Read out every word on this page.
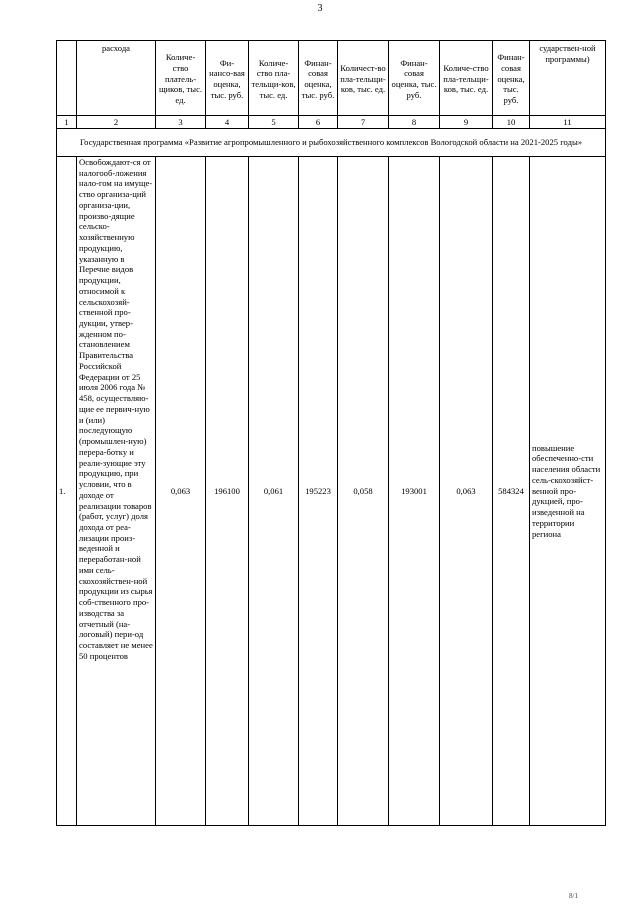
3
	расхода	Количе-ство платель-щиков, тыс. ед.	Фи-нансо-вая оценка, тыс. руб.	Количе-ство пла-тельщи-ков, тыс. ед.	Финан-совая оценка, тыс. руб.	Количест-во пла-тельщи-ков, тыс. ед.	Финан-совая оценка, тыс. руб.	Количе-ство пла-тельщи-ков, тыс. ед.	Финан-совая оценка, тыс. руб.	сударствен-ной программы)
1	2	3	4	5	6	7	8	9	10	11
Государственная программа «Развитие агропромышленного и рыбохозяйственного комплексов Вологодской области на 2021-2025 годы»										
1.	Освобождают-ся от налогооб-ложения нало-гом на имуще-ство организа-ций организа-ции, произво-дящие сельско-хозяйственную продукцию, указанную в Перечне видов продукции, относимой к сельскохозяй-ственной про-дукции, утвер-жденном по-становлением Правительства Российской Федерации от 25 июля 2006 года № 458, осуществляю-щие ее первич-ную и (или) последующую (промышлен-ную) перера-ботку и реали-зующие эту продукцию, при условии, что в доходе от реализации товаров (работ, услуг) доля дохода от реа-лизации произ-веденной и переработан-ной ими сель-скохозяйствен-ной продукции из сырья соб-ственного про-изводства за отчетный (на-логовый) пери-од составляет не менее 50 процентов	0,063	196100	0,061	195223	0,058	193001	0,063	584324	повышение обеспеченно-сти населения области сель-скохозяйст-венной про-дукцией, про-изведенной на территории региона
8/1
